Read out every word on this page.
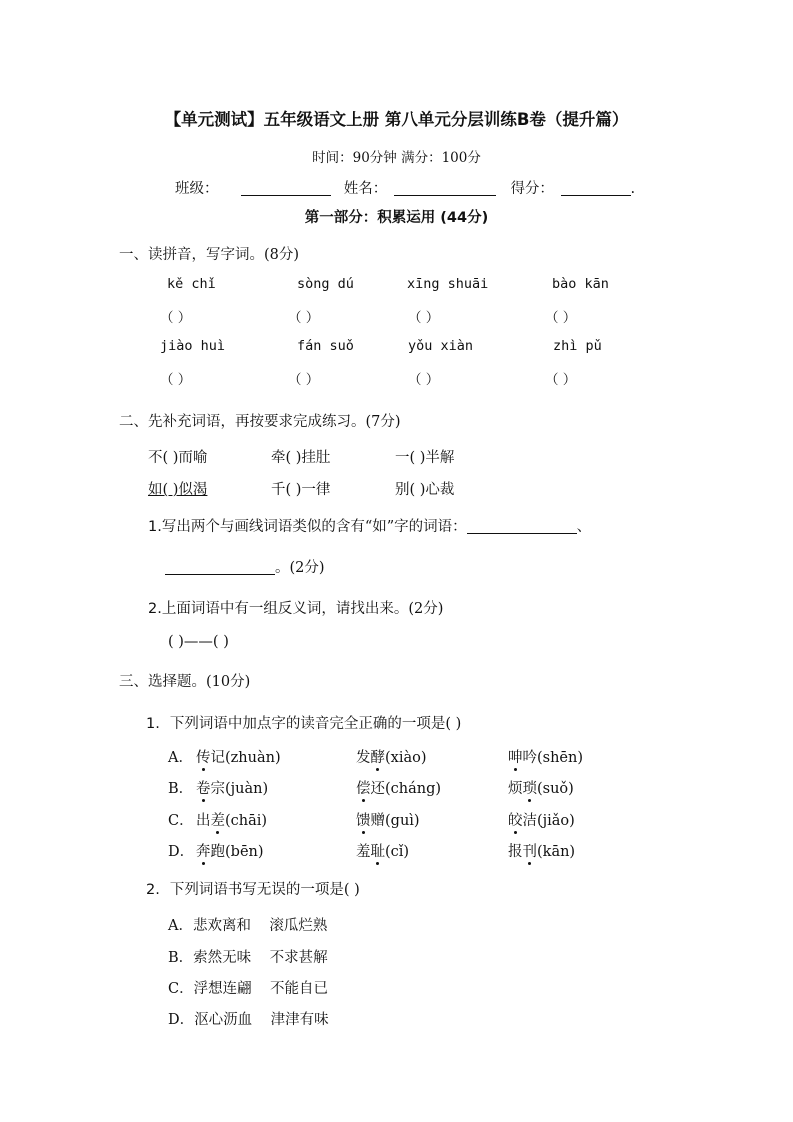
【单元测试】五年级语文上册 第八单元分层训练B卷（提升篇）
时间：90分钟 满分：100分
班级：	姓名：	得分：	.
第一部分：积累运用 (44分)
一、读拼音，写字词。(8分)
kě chǐ	sòng dú	xīng shuāi	bào kān
（ ）	（ ）	（ ）	（ ）
jiào huì	fán suǒ	yǒu xiàn	zhì pǔ
（ ）	（ ）	（ ）	（ ）
二、先补充词语，再按要求完成练习。(7分)
不( )而喻	牵( )挂肚	一( )半解
如( )似渴	千( )一律	别( )心裁
1.写出两个与画线词语类似的含有“如”字的词语：	、
。(2分)
2.上面词语中有一组反义词，请找出来。(2分)
( )——( )
三、选择题。(10分)
1. 下列词语中加点字的读音完全正确的一项是( )
A． 传记(zhuàn)	发酵(xiào)	呻吟(shēn)
B． 卷宗(juàn)	偿还(cháng)	烦琐(suǒ)
C． 出差(chāi)	馈赠(guì)	皎洁(jiǎo)
D． 奔跑(bēn)	羞耻(cǐ)	报刊(kān)
2. 下列词语书写无误的一项是( )
A．悲欢离和    滚瓜烂熟
B．索然无味    不求甚解
C．浮想连翩    不能自已
D．沤心沥血    津津有味
